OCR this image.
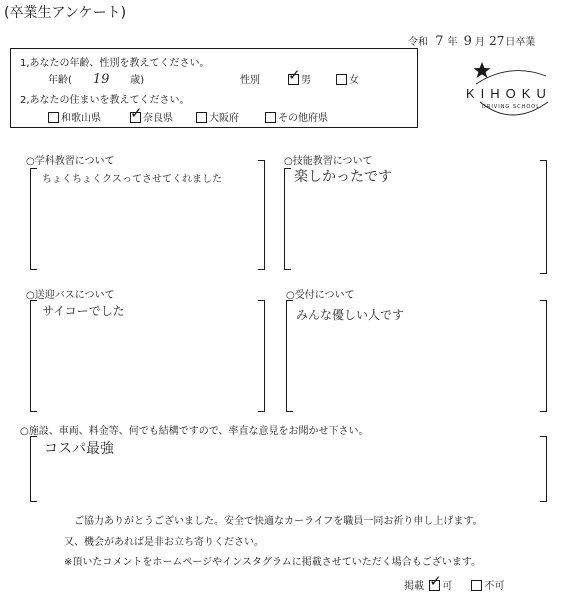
(卒業生アンケート)
令和 7 年 9 月 27日卒業
KIHOKU
DRIVING SCHOOL
1,あなたの年齢、性別を教えてください。
年齢( 19 歳)	性別 ✓	男	女
2,あなたの住まいを教えてください。
和歌山県 ✓	奈良県	大阪府	その他府県
○学科教習について
ちょくちょくクスってさせてくれました
○技能教習について
楽しかったです
○送迎バスについて
サイコーでした
○受付について
みんな優しい人です
○施設、車両、料金等、何でも結構ですので、率直な意見をお聞かせ下さい。
コスパ最強
ご協力ありがとうございました。安全で快適なカーライフを職員一同お祈り申し上げます。
又、機会があれば是非お立ち寄りください。
※頂いたコメントをホームページやインスタグラムに掲載させていただく場合もございます。
掲載 ✓ 可	不可
